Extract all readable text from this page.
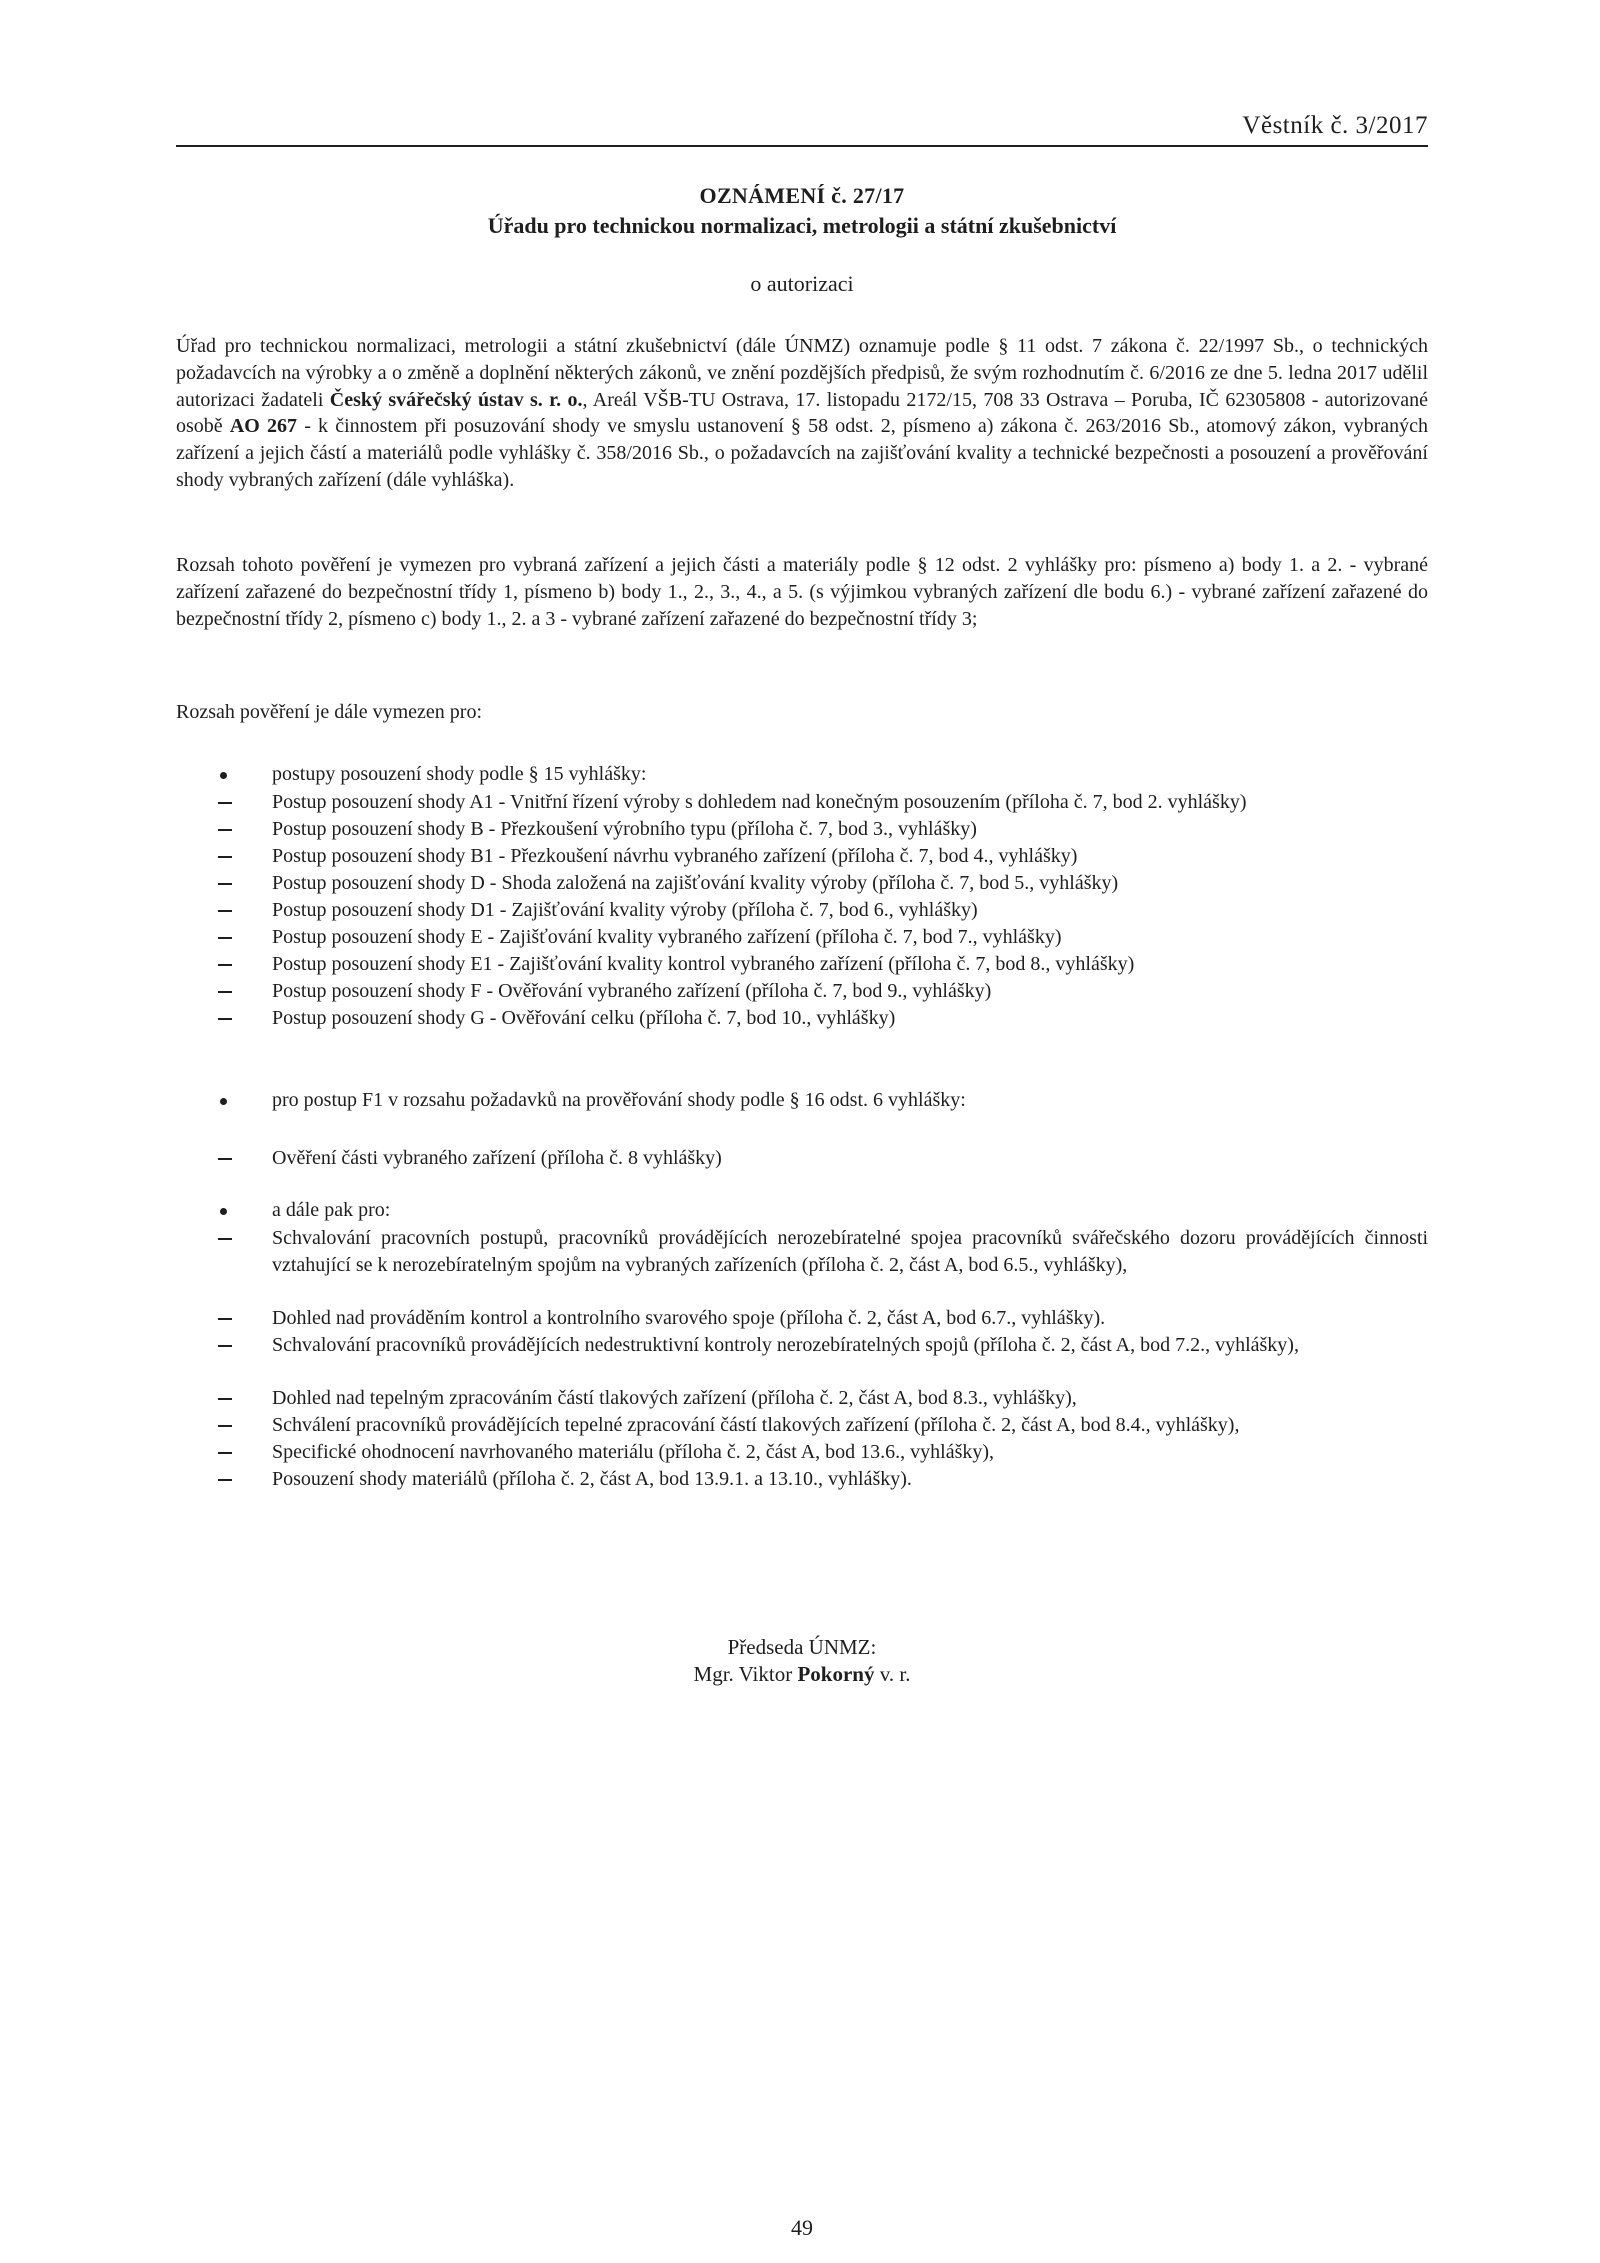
Věstník č. 3/2017
OZNÁMENÍ č. 27/17
Úřadu pro technickou normalizaci, metrologii a státní zkušebnictví
o autorizaci
Úřad pro technickou normalizaci, metrologii a státní zkušebnictví (dále ÚNMZ) oznamuje podle § 11 odst. 7 zákona č. 22/1997 Sb., o technických požadavcích na výrobky a o změně a doplnění některých zákonů, ve znění pozdějších předpisů, že svým rozhodnutím č. 6/2016 ze dne 5. ledna 2017 udělil autorizaci žadateli Český svářečský ústav s. r. o., Areál VŠB-TU Ostrava, 17. listopadu 2172/15, 708 33 Ostrava – Poruba, IČ 62305808 - autorizované osobě AO 267 - k činnostem při posuzování shody ve smyslu ustanovení § 58 odst. 2, písmeno a) zákona č. 263/2016 Sb., atomový zákon, vybraných zařízení a jejich částí a materiálů podle vyhlášky č. 358/2016 Sb., o požadavcích na zajišťování kvality a technické bezpečnosti a posouzení a prověřování shody vybraných zařízení (dále vyhláška).
Rozsah tohoto pověření je vymezen pro vybraná zařízení a jejich části a materiály podle § 12 odst. 2 vyhlášky pro: písmeno a) body 1. a 2. - vybrané zařízení zařazené do bezpečnostní třídy 1, písmeno b) body 1., 2., 3., 4., a 5. (s výjimkou vybraných zařízení dle bodu 6.) - vybrané zařízení zařazené do bezpečnostní třídy 2, písmeno c) body 1., 2. a 3 - vybrané zařízení zařazené do bezpečnostní třídy 3;
Rozsah pověření je dále vymezen pro:
postupy posouzení shody podle § 15 vyhlášky:
Postup posouzení shody A1 - Vnitřní řízení výroby s dohledem nad konečným posouzením (příloha č. 7, bod 2. vyhlášky)
Postup posouzení shody B - Přezkoušení výrobního typu (příloha č. 7, bod 3., vyhlášky)
Postup posouzení shody B1 - Přezkoušení návrhu vybraného zařízení (příloha č. 7, bod 4., vyhlášky)
Postup posouzení shody D - Shoda založená na zajišťování kvality výroby (příloha č. 7, bod 5., vyhlášky)
Postup posouzení shody D1 - Zajišťování kvality výroby (příloha č. 7, bod 6., vyhlášky)
Postup posouzení shody E - Zajišťování kvality vybraného zařízení (příloha č. 7, bod 7., vyhlášky)
Postup posouzení shody E1 - Zajišťování kvality kontrol vybraného zařízení (příloha č. 7, bod 8., vyhlášky)
Postup posouzení shody F - Ověřování vybraného zařízení (příloha č. 7, bod 9., vyhlášky)
Postup posouzení shody G - Ověřování celku (příloha č. 7, bod 10., vyhlášky)
pro postup F1 v rozsahu požadavků na prověřování shody podle § 16 odst. 6 vyhlášky:
Ověření části vybraného zařízení (příloha č. 8 vyhlášky)
a dále pak pro:
Schvalování pracovních postupů, pracovníků provádějících nerozebíratelné spojea pracovníků svářečského dozoru provádějících činnosti vztahující se k nerozebíratelným spojům na vybraných zařízeních (příloha č. 2, část A, bod 6.5., vyhlášky),
Dohled nad prováděním kontrol a kontrolního svarového spoje (příloha č. 2, část A, bod 6.7., vyhlášky).
Schvalování pracovníků provádějících nedestruktivní kontroly nerozebíratelných spojů (příloha č. 2, část A, bod 7.2., vyhlášky),
Dohled nad tepelným zpracováním částí tlakových zařízení (příloha č. 2, část A, bod 8.3., vyhlášky),
Schválení pracovníků provádějících tepelné zpracování částí tlakových zařízení (příloha č. 2, část A, bod 8.4., vyhlášky),
Specifické ohodnocení navrhovaného materiálu (příloha č. 2, část A, bod 13.6., vyhlášky),
Posouzení shody materiálů (příloha č. 2, část A, bod 13.9.1. a 13.10., vyhlášky).
Předseda ÚNMZ:
Mgr. Viktor Pokorný v. r.
49
